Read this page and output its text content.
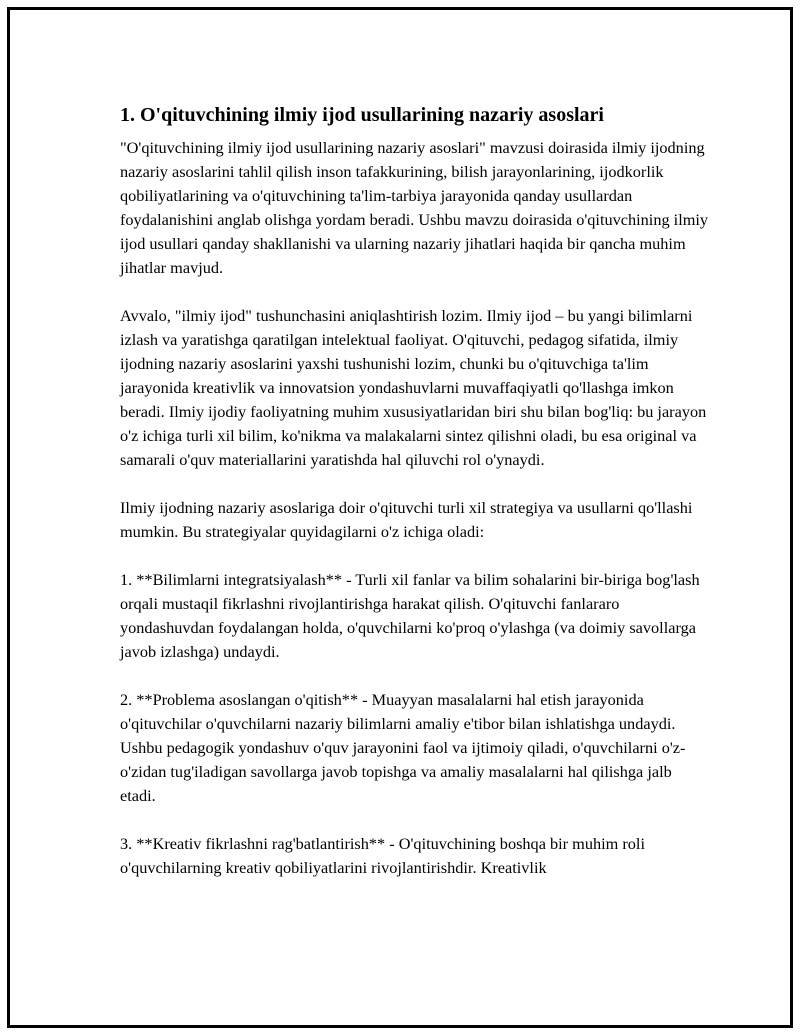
1. O'qituvchining ilmiy ijod usullarining nazariy asoslari

"O'qituvchining ilmiy ijod usullarining nazariy asoslari" mavzusi doirasida ilmiy ijodning nazariy asoslarini tahlil qilish inson tafakkurining, bilish jarayonlarining, ijodkorlik qobiliyatlarining va o'qituvchining ta'lim-tarbiya jarayonida qanday usullardan foydalanishini anglab olishga yordam beradi. Ushbu mavzu doirasida o'qituvchining ilmiy ijod usullari qanday shakllanishi va ularning nazariy jihatlari haqida bir qancha muhim jihatlar mavjud.

Avvalo, "ilmiy ijod" tushunchasini aniqlashtirish lozim. Ilmiy ijod – bu yangi bilimlarni izlash va yaratishga qaratilgan intelektual faoliyat. O'qituvchi, pedagog sifatida, ilmiy ijodning nazariy asoslarini yaxshi tushunishi lozim, chunki bu o'qituvchiga ta'lim jarayonida kreativlik va innovatsion yondashuvlarni muvaffaqiyatli qo'llashga imkon beradi. Ilmiy ijodiy faoliyatning muhim xususiyatlaridan biri shu bilan bog'liq: bu jarayon o'z ichiga turli xil bilim, ko'nikma va malakalarni sintez qilishni oladi, bu esa original va samarali o'quv materiallarini yaratishda hal qiluvchi rol o'ynaydi.

Ilmiy ijodning nazariy asoslariga doir o'qituvchi turli xil strategiya va usullarni qo'llashi mumkin. Bu strategiyalar quyidagilarni o'z ichiga oladi:

1. **Bilimlarni integratsiyalash** - Turli xil fanlar va bilim sohalarini bir-biriga bog'lash orqali mustaqil fikrlashni rivojlantirishga harakat qilish. O'qituvchi fanlararo yondashuvdan foydalangan holda, o'quvchilarni ko'proq o'ylashga (va doimiy savollarga javob izlashga) undaydi.

2. **Problema asoslangan o'qitish** - Muayyan masalalarni hal etish jarayonida o'qituvchilar o'quvchilarni nazariy bilimlarni amaliy e'tibor bilan ishlatishga undaydi. Ushbu pedagogik yondashuv o'quv jarayonini faol va ijtimoiy qiladi, o'quvchilarni o'z-o'zidan tug'iladigan savollarga javob topishga va amaliy masalalarni hal qilishga jalb etadi.

3. **Kreativ fikrlashni rag'batlantirish** - O'qituvchining boshqa bir muhim roli o'quvchilarning kreativ qobiliyatlarini rivojlantirishdir. Kreativlik
